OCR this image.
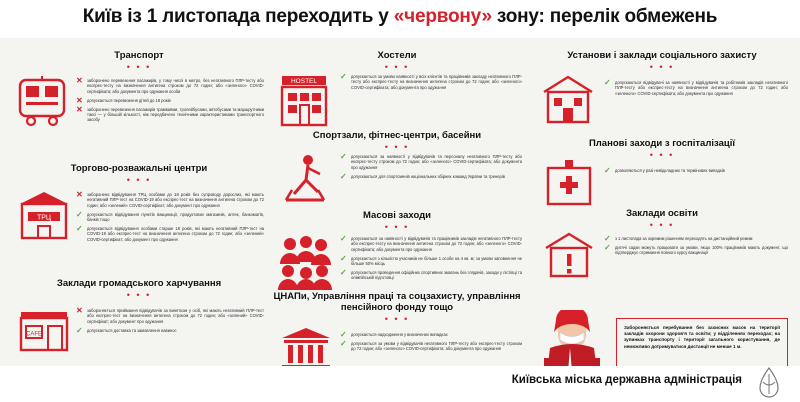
Київ із 1 листопада переходить у «червону» зону: перелік обмежень
Транспорт
• • •
✕ заборонено перевезення пасажирів, у тому числі в метро, без негативного ПЛР-тесту або експрес-тесту на визначення антигена строком до 72 годин; або «зеленого» COVID-сертифіката; або документа про одужання особи
✕ допускається перевезення дітей до 18 років
✕ заборонено перевезення пасажирів трамваями, тролейбусами, автобусами та маршрутними таксі — у більшій кількості, ніж передбачено технічними характеристиками транспортного засобу
Торгово-розважальні центри
• • •
ТРЦ
✕ заборонено відвідування ТРЦ особами до 18 років без супроводу дорослих, які мають негативний ПЛР-тест на COVID-19 або експрес-тест на визначення антигена строком до 72 годин; або «зелений» COVID-сертифікат; або документ про одужання
✓ допускається відвідування пунктів вакцинації, продуктових магазинів, аптек, банкоматів, банків тощо
✓ допускається відвідування особами старше 18 років, які мають негативний ПЛР-тест на COVID-19 або експрес-тест на визначення антигена строком до 72 годин; або «зелений» COVID-сертифікат; або документ про одужання
Заклади громадського харчування
• • •
CAFE
✕ забороняється приймання відвідувачів за винятком у осіб, які мають негативний ПЛР-тест або експрес-тест на визначення антигена строком до 72 годин; або «зелений» COVID-сертифікат; або документ про одужання
✓ допускається доставка та замовлення навинос
Хостели
• • •
HOSTEL
✓ допускається за умови наявності у всіх клієнтів та працівників закладу негативного ПЛР-тесту або експрес-тесту на визначення антигена строком до 72 годин; або «зеленого» COVID-сертифіката; або документа про одужання
Спортзали, фітнес-центри, басейни
• • •
✓ допускаються за наявності у відвідувачів та персоналу негативного ПЛР-тесту або експрес-тесту строком до 72 годин; або «зеленого» COVID-сертифіката; або документа про одужання
✓ допускаються для спортсменів національних збірних команд України та тренерів
Масові заходи
• • •
✓ допускаються за наявності у відвідувачів та працівників закладів негативного ПЛР-тесту або експрес-тесту на визначення антигена строком до 72 годин; або «зеленого» COVID-сертифіката; або документа про одужання
✓ допускається з кількістю учасників не більше 1 особи на 4 кв. м; за умови заповнення не більше 50% місць
✓ допускається проведення офіційних спортивних змагань без глядачів, заходи у лістівці та олімпійській підготовці
ЦНАПи, Управління праці та соцзахисту, управління пенсійного фонду тощо
• • •
✓ допускається надходження у визначених випадках
✓ допускається за умови у відвідувачів негативного ПЛР-тесту або експрес-тесту строком до 72 годин; або «зеленого» COVID-сертифіката; або документа про одужання
Установи і заклади соціального захисту
• • •
✓ допускаються відвідувачі за наявності у відвідувачів та робітників закладів негативного ПЛР-тесту або експрес-тесту на визначення антигена строком до 72 годин; або «зеленого» COVID-сертифіката; або документа про одужання
Планові заходи з госпіталізації
• • •
✓ дозволяються у разі невідкладних та термінових випадків
Заклади освіти
• • •
✓ з 1 листопада за окремим рішенням переходять на дистанційний режим
✓ дитячі садки можуть працювати за умови, якщо 100% працівників мають документ, що підтверджує отримання повного курсу вакцинації
Забороняється перебування без захисних масок на території закладів охорони здоров'я та освіти; у відділеннях переходах; на зупинках транспорту і території загального користування, де неможливо дотримуватися дистанції не менше 1 м.
Київська міська державна адміністрація
